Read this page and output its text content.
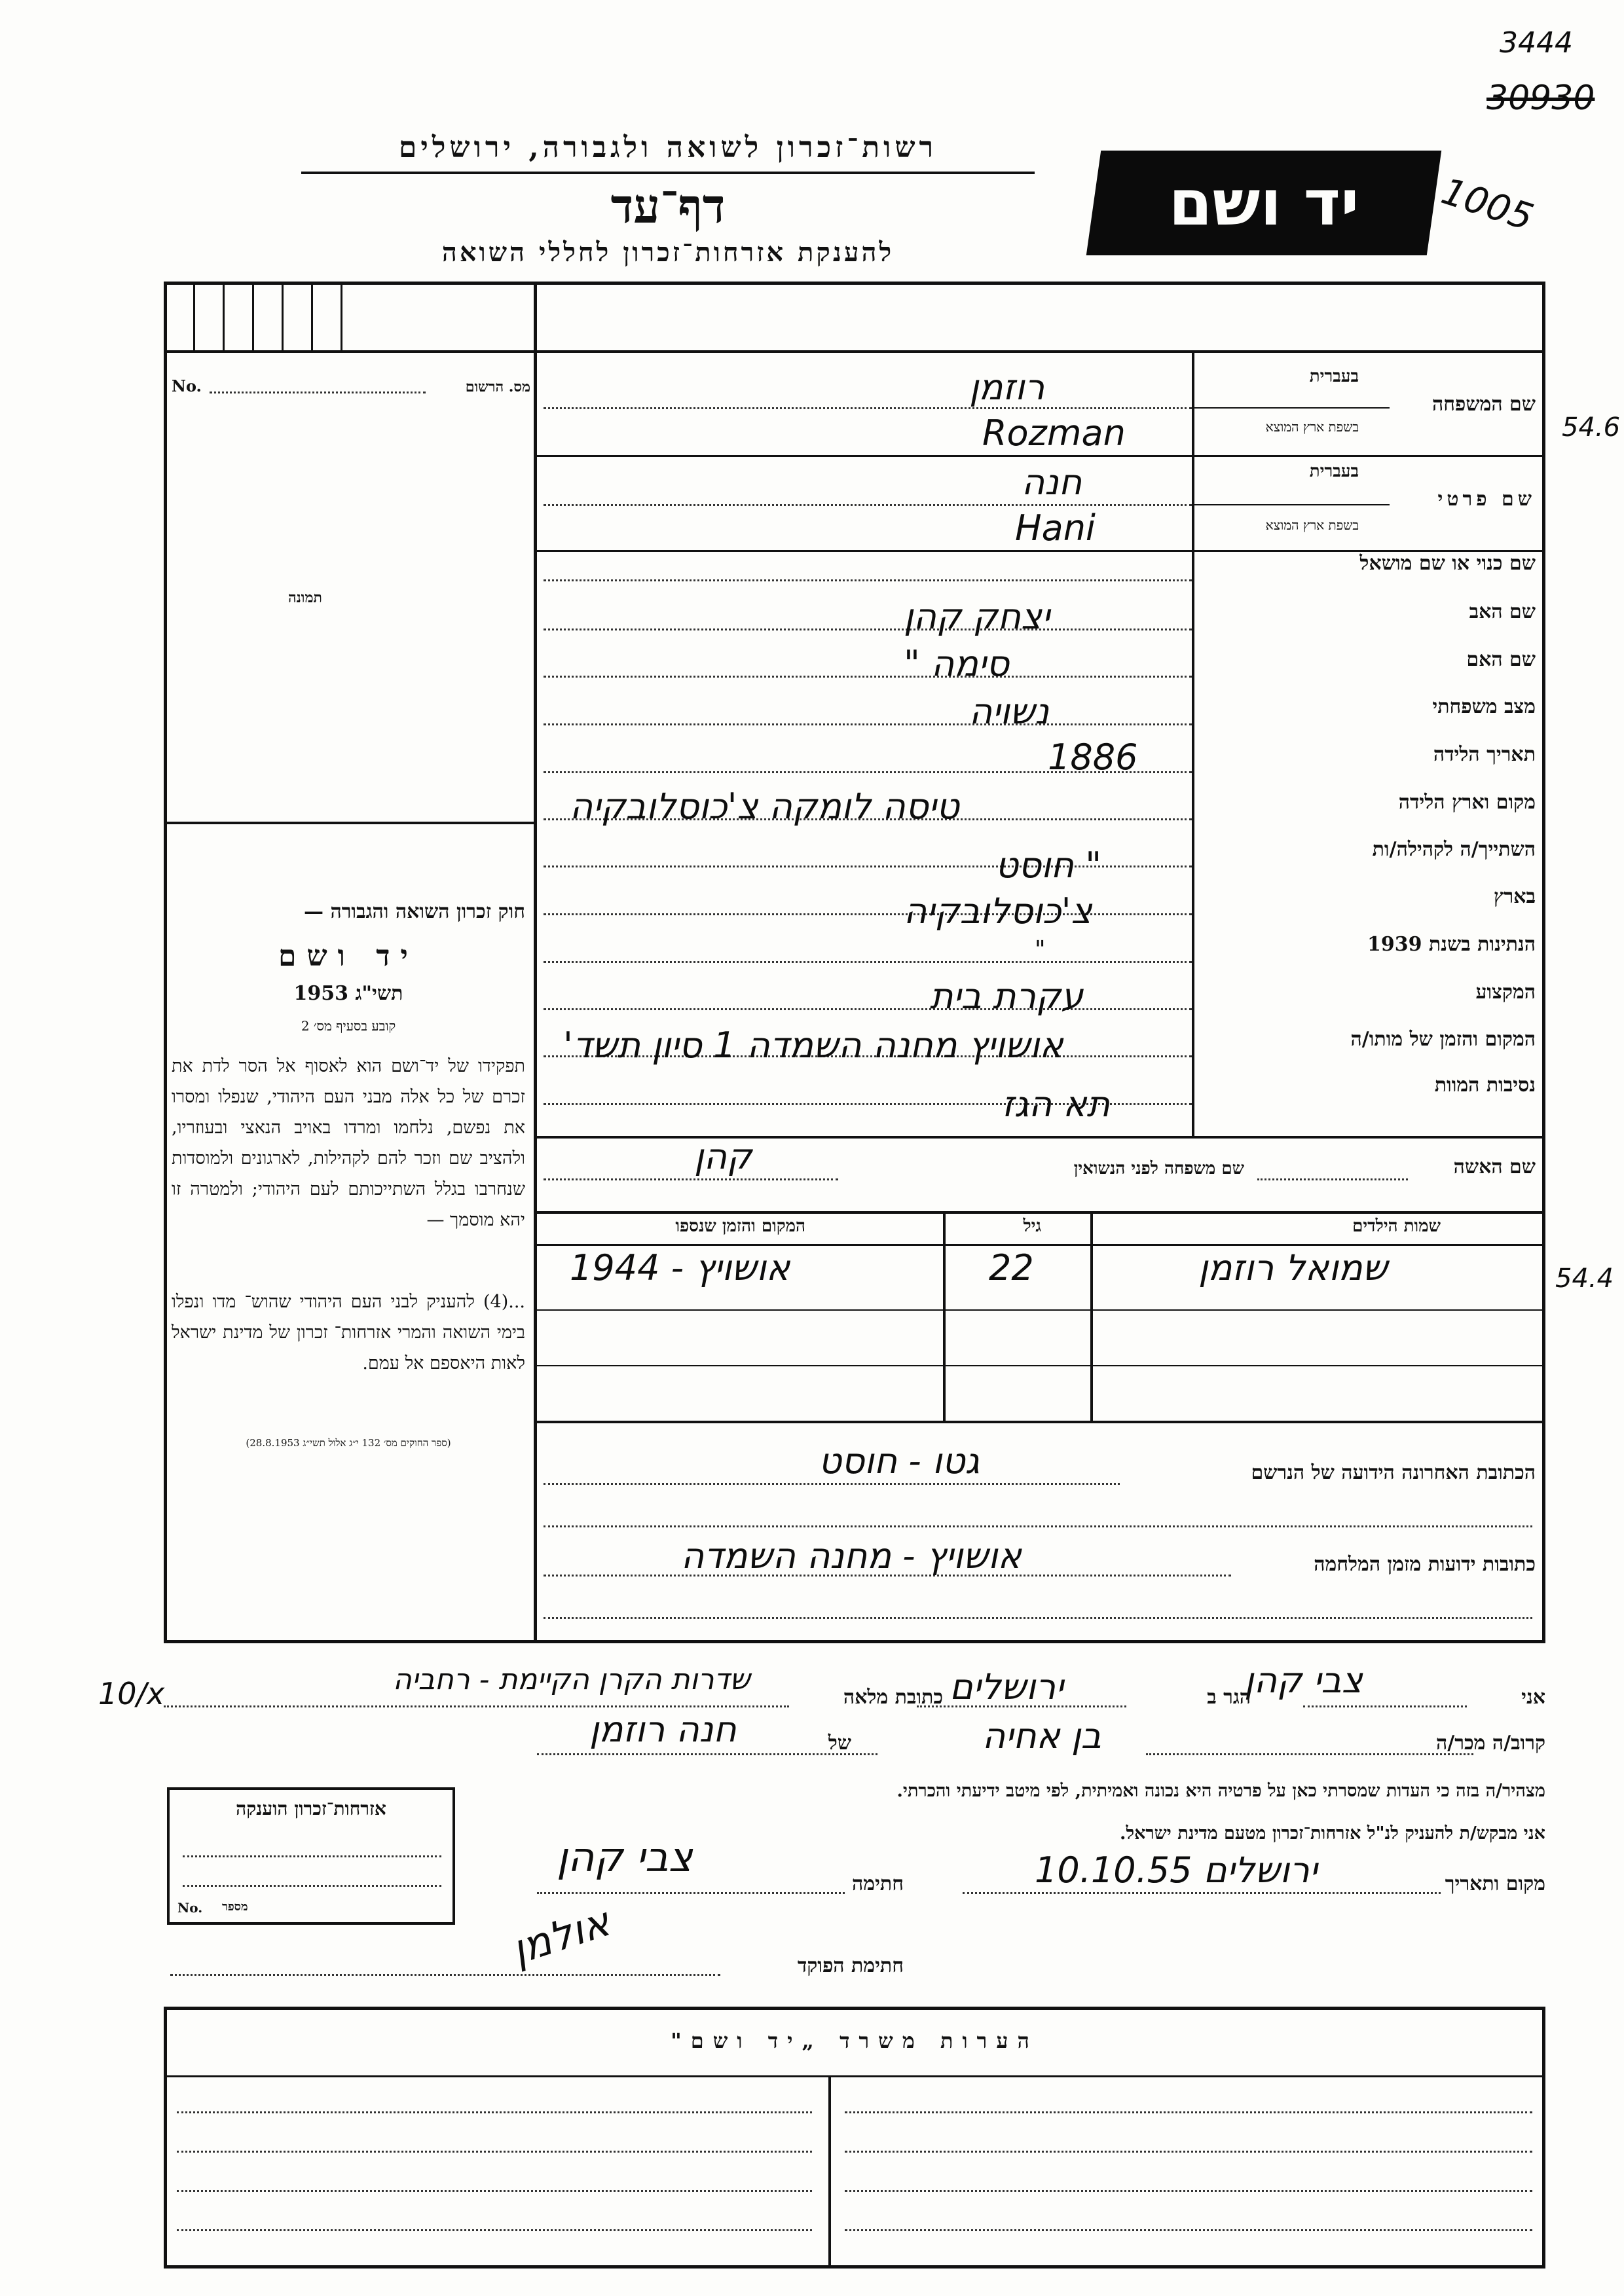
3444
30930
1005
54.6
54.4
10/x
רשות־זכרון לשואה ולגבורה, ירושלים
דף־עד
להענקת אזרחות־זכרון לחללי השואה
יד ושם
No.	מס. הרשום
תמונה
חוק זכרון השואה והגבורה —
יד ושם
תשי"ג 1953
קובע בסעיף מס׳ 2
תפקידו של יד־ושם הוא לאסוף אל הסר לדת את זכרם של כל אלה מבני העם היהודי, שנפלו ומסרו את נפשם, נלחמו ומרדו באויב הנאצי ובעוזריו, ולהציב שם וזכר להם לקהילות, לארגונים ולמוסדות שנחרבו בגלל השתייכותם לעם היהודי; ולמטרה זו יהא מוסמך —
...(4) להעניק לבני העם היהודי שהוש־ מדו ונפלו בימי השואה והמרי אזרחות־ זכרון של מדינת ישראל לאות היאספם אל עמם.
(ספר החוקים מס׳ 132 י״ג אלול תשי״ג 28.8.1953)
שם המשפחה
בעברית
בשפת ארץ המוצא
רוזמן
Rozman
שם פרטי
בעברית
בשפת ארץ המוצא
חנה
Hani
שם כנוי או שם מושאל
שם האב
יצחק קהן
שם האם
סימה "
מצב משפחתי
נשויה
תאריך הלידה
1886
מקום וארץ הלידה
טיסה לומקה צ'כוסלובקיה
השתייך/ה לקהילה/ות
" חוסט
בארץ
צ'כוסלובקיה
הנתינות בשנת 1939
"
המקצוע
עקרת בית
המקום והזמן של מותו/ה
אושויץ מחנה השמדה 1 סיון תשד'
נסיבות המוות
תא הגז
שם האשה
שם משפחה לפני הנשואין
קהן
שמות הילדים
גיל
המקום והזמן שנספו
שמואל רוזמן
22
אושויץ - 1944
הכתובת האחרונה הידועה של הנרשם
גטו - חוסט
כתובות ידועות מזמן המלחמה
אושויץ - מחנה השמדה
אני
צבי קהן
הגר ב
ירושלים
כתובת מלאה
שדרות הקרן הקיימת - רחביה
קרוב/ה מכר/ה
בן אחיה
של
חנה רוזמן
מצהיר/ה בזה כי העדות שמסרתי כאן על פרטיה היא נכונה ואמיתית, לפי מיטב ידיעתי והכרתי.
אני מבקש/ת להעניק לנ"ל אזרחות־זכרון מטעם מדינת ישראל.
מקום ותאריך
ירושלים 10.10.55
חתימה
צבי קהן
חתימת הפוקד
אולמן
אזרחות־זכרון הוענקה
No. מספר
הערות משרד „יד ושם"
